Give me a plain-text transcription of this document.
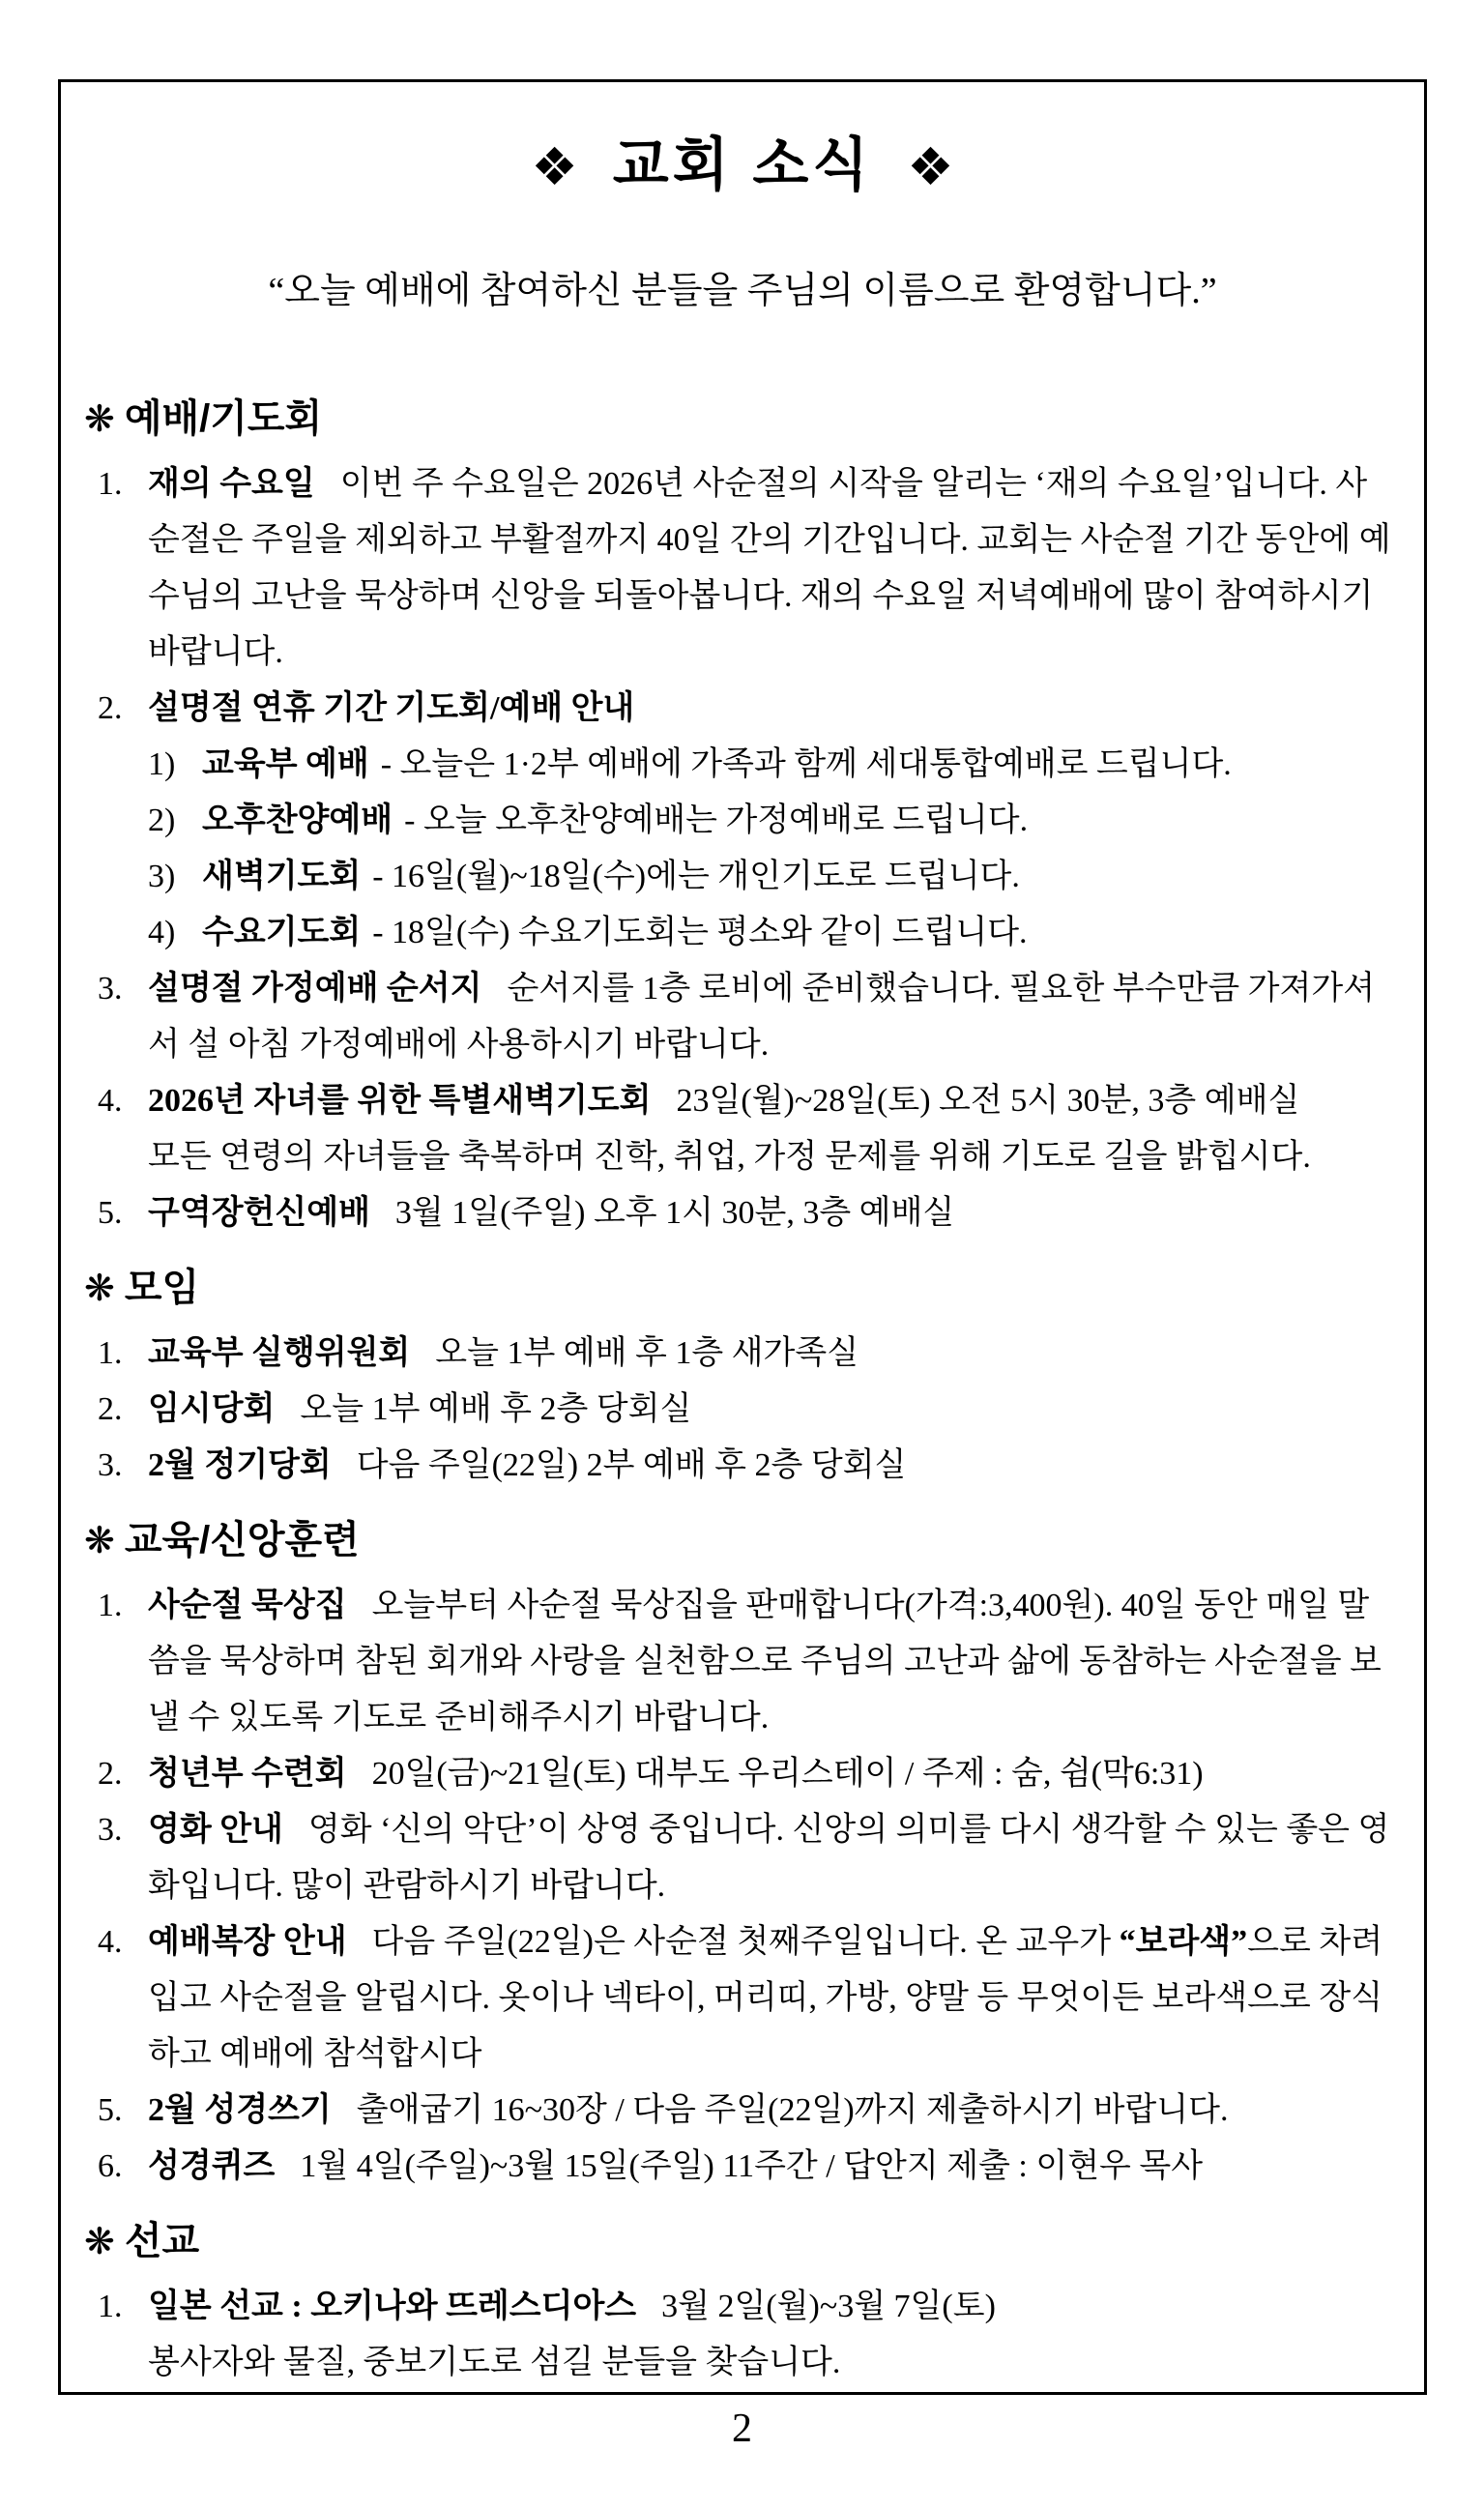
❖ 교회 소식 ❖
“오늘 예배에 참여하신 분들을 주님의 이름으로 환영합니다.”
❋ 예배/기도회
1. 재의 수요일 이번 주 수요일은 2026년 사순절의 시작을 알리는 ‘재의 수요일’입니다. 사순절은 주일을 제외하고 부활절까지 40일 간의 기간입니다. 교회는 사순절 기간 동안에 예수님의 고난을 묵상하며 신앙을 되돌아봅니다. 재의 수요일 저녁예배에 많이 참여하시기 바랍니다.
2. 설명절 연휴 기간 기도회/예배 안내
1) 교육부 예배 - 오늘은 1·2부 예배에 가족과 함께 세대통합예배로 드립니다.
2) 오후찬양예배 - 오늘 오후찬양예배는 가정예배로 드립니다.
3) 새벽기도회 - 16일(월)~18일(수)에는 개인기도로 드립니다.
4) 수요기도회 - 18일(수) 수요기도회는 평소와 같이 드립니다.
3. 설명절 가정예배 순서지 순서지를 1층 로비에 준비했습니다. 필요한 부수만큼 가져가셔서 설 아침 가정예배에 사용하시기 바랍니다.
4. 2026년 자녀를 위한 특별새벽기도회 23일(월)~28일(토) 오전 5시 30분, 3층 예배실
모든 연령의 자녀들을 축복하며 진학, 취업, 가정 문제를 위해 기도로 길을 밝힙시다.
5. 구역장헌신예배 3월 1일(주일) 오후 1시 30분, 3층 예배실
❋ 모임
1. 교육부 실행위원회 오늘 1부 예배 후 1층 새가족실
2. 임시당회 오늘 1부 예배 후 2층 당회실
3. 2월 정기당회 다음 주일(22일) 2부 예배 후 2층 당회실
❋ 교육/신앙훈련
1. 사순절 묵상집 오늘부터 사순절 묵상집을 판매합니다(가격:3,400원). 40일 동안 매일 말씀을 묵상하며 참된 회개와 사랑을 실천함으로 주님의 고난과 삶에 동참하는 사순절을 보낼 수 있도록 기도로 준비해주시기 바랍니다.
2. 청년부 수련회 20일(금)~21일(토) 대부도 우리스테이 / 주제 : 숨, 쉼(막6:31)
3. 영화 안내 영화 ‘신의 악단’이 상영 중입니다. 신앙의 의미를 다시 생각할 수 있는 좋은 영화입니다. 많이 관람하시기 바랍니다.
4. 예배복장 안내 다음 주일(22일)은 사순절 첫째주일입니다. 온 교우가 “보라색”으로 차려입고 사순절을 알립시다. 옷이나 넥타이, 머리띠, 가방, 양말 등 무엇이든 보라색으로 장식하고 예배에 참석합시다
5. 2월 성경쓰기 출애굽기 16~30장 / 다음 주일(22일)까지 제출하시기 바랍니다.
6. 성경퀴즈 1월 4일(주일)~3월 15일(주일) 11주간 / 답안지 제출 : 이현우 목사
❋ 선교
1. 일본 선교 : 오키나와 뜨레스디아스 3월 2일(월)~3월 7일(토)
봉사자와 물질, 중보기도로 섬길 분들을 찾습니다.
2
